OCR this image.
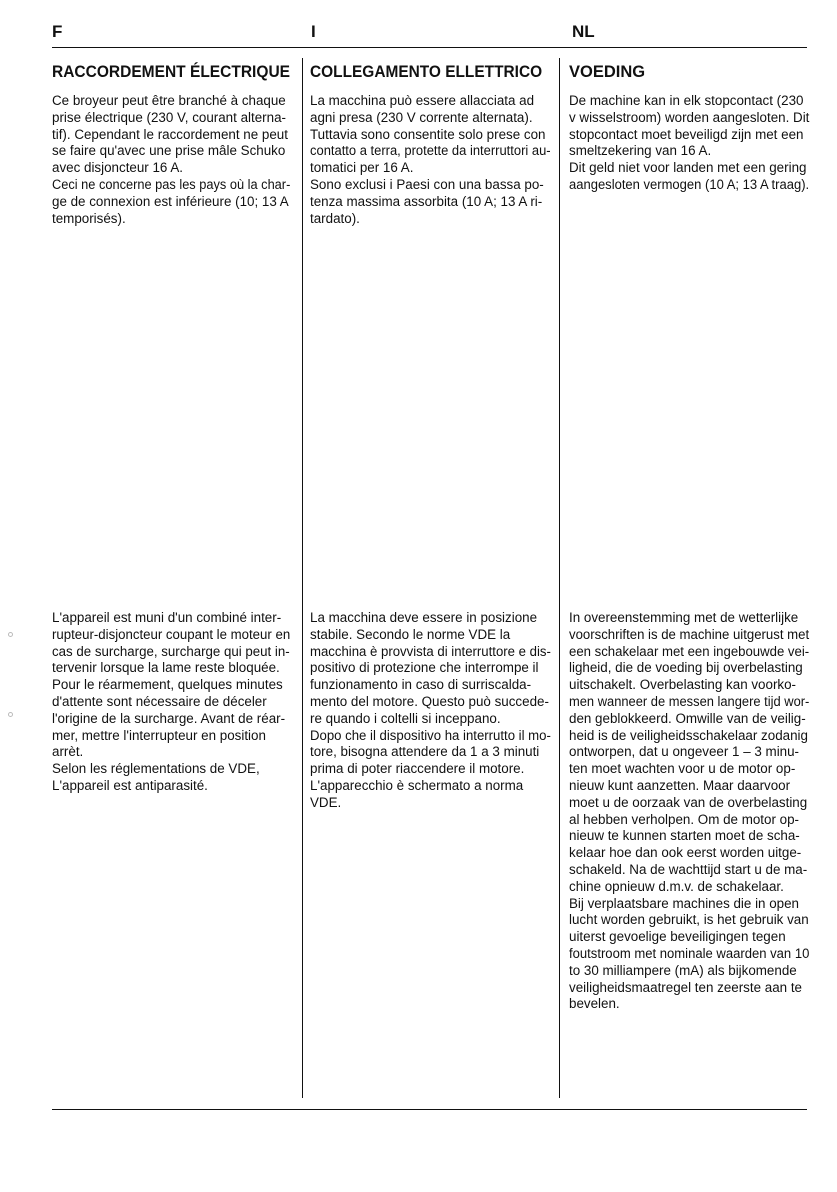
F	I	NL
RACCORDEMENT ÉLECTRIQUE
Ce broyeur peut être branché à chaque
prise électrique (230 V, courant alterna-
tif). Cependant le raccordement ne peut
se faire qu'avec une prise mâle Schuko
avec disjoncteur 16 A.
Ceci ne concerne pas les pays où la char-
ge de connexion est inférieure (10; 13 A
temporisés).
L'appareil est muni d'un combiné inter-
rupteur-disjoncteur coupant le moteur en
cas de surcharge, surcharge qui peut in-
tervenir lorsque la lame reste bloquée.
Pour le réarmement, quelques minutes
d'attente sont nécessaire de déceler
l'origine de la surcharge. Avant de réar-
mer, mettre l'interrupteur en position
arrèt.
Selon les réglementations de VDE,
L'appareil est antiparasité.
COLLEGAMENTO ELLETTRICO
La macchina può essere allacciata ad
agni presa (230 V corrente alternata).
Tuttavia sono consentite solo prese con
contatto a terra, protette da interruttori au-
tomatici per 16 A.
Sono exclusi i Paesi con una bassa po-
tenza massima assorbita (10 A; 13 A ri-
tardato).
La macchina deve essere in posizione
stabile. Secondo le norme VDE la
macchina è provvista di interruttore e dis-
positivo di protezione che interrompe il
funzionamento in caso di surriscalda-
mento del motore. Questo può succede-
re quando i coltelli si inceppano.
Dopo che il dispositivo ha interrutto il mo-
tore, bisogna attendere da 1 a 3 minuti
prima di poter riaccendere il motore.
L'apparecchio è schermato a norma
VDE.
VOEDING
De machine kan in elk stopcontact (230
v wisselstroom) worden aangesloten. Dit
stopcontact moet beveiligd zijn met een
smeltzekering van 16 A.
Dit geld niet voor landen met een gering
aangesloten vermogen (10 A; 13 A traag).
In overeenstemming met de wetterlijke
voorschriften is de machine uitgerust met
een schakelaar met een ingebouwde vei-
ligheid, die de voeding bij overbelasting
uitschakelt. Overbelasting kan voorko-
men wanneer de messen langere tijd wor-
den geblokkeerd. Omwille van de veilig-
heid is de veiligheidsschakelaar zodanig
ontworpen, dat u ongeveer 1 – 3 minu-
ten moet wachten voor u de motor op-
nieuw kunt aanzetten. Maar daarvoor
moet u de oorzaak van de overbelasting
al hebben verholpen. Om de motor op-
nieuw te kunnen starten moet de scha-
kelaar hoe dan ook eerst worden uitge-
schakeld. Na de wachttijd start u de ma-
chine opnieuw d.m.v. de schakelaar.
Bij verplaatsbare machines die in open
lucht worden gebruikt, is het gebruik van
uiterst gevoelige beveiligingen tegen
foutstroom met nominale waarden van 10
to 30 milliampere (mA) als bijkomende
veiligheidsmaatregel ten zeerste aan te
bevelen.
